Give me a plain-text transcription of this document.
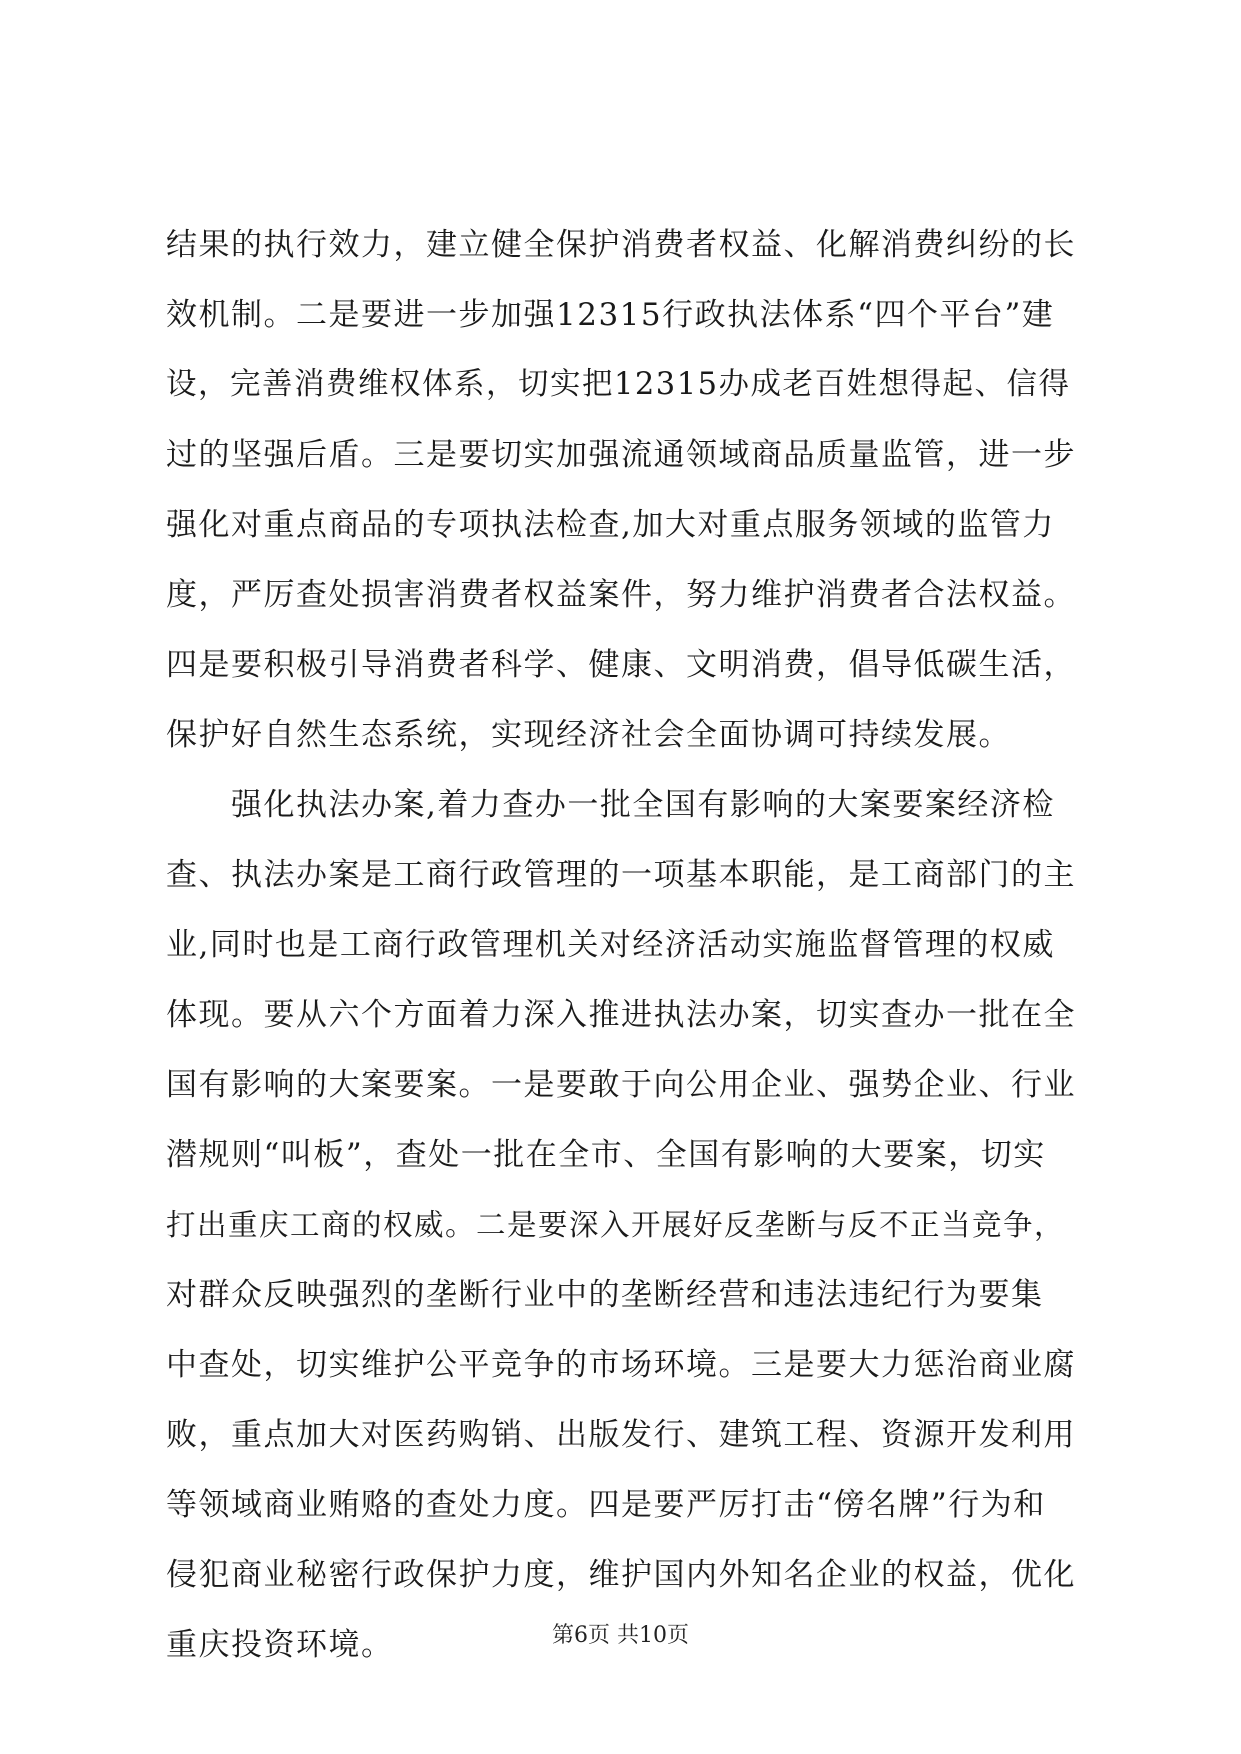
结果的执行效力，建立健全保护消费者权益、化解消费纠纷的长
效机制。二是要进一步加强12315行政执法体系“四个平台”建
设，完善消费维权体系，切实把12315办成老百姓想得起、信得
过的坚强后盾。三是要切实加强流通领域商品质量监管，进一步
强化对重点商品的专项执法检查,加大对重点服务领域的监管力
度，严厉查处损害消费者权益案件，努力维护消费者合法权益。
四是要积极引导消费者科学、健康、文明消费，倡导低碳生活，
保护好自然生态系统，实现经济社会全面协调可持续发展。
　　强化执法办案,着力查办一批全国有影响的大案要案经济检
查、执法办案是工商行政管理的一项基本职能，是工商部门的主
业,同时也是工商行政管理机关对经济活动实施监督管理的权威
体现。要从六个方面着力深入推进执法办案，切实查办一批在全
国有影响的大案要案。一是要敢于向公用企业、强势企业、行业
潜规则“叫板”，查处一批在全市、全国有影响的大要案，切实
打出重庆工商的权威。二是要深入开展好反垄断与反不正当竞争，
对群众反映强烈的垄断行业中的垄断经营和违法违纪行为要集
中查处，切实维护公平竞争的市场环境。三是要大力惩治商业腐
败，重点加大对医药购销、出版发行、建筑工程、资源开发利用
等领域商业贿赂的查处力度。四是要严厉打击“傍名牌”行为和
侵犯商业秘密行政保护力度，维护国内外知名企业的权益，优化
重庆投资环境。	第6页 共10页
